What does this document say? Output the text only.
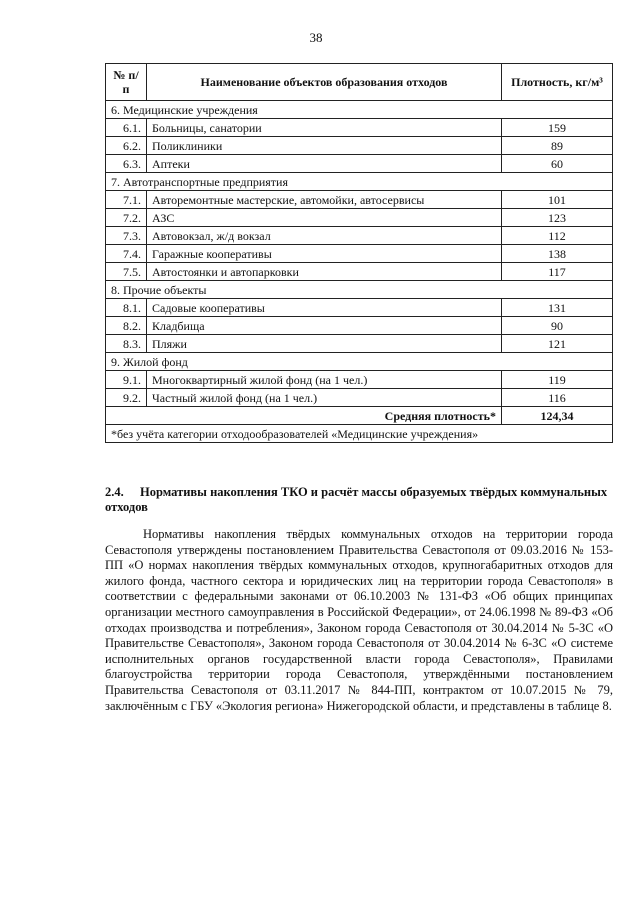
38
№ п/п	Наименование объектов образования отходов	Плотность, кг/м³
6. Медицинские учреждения		
6.1.	Больницы, санатории	159
6.2.	Поликлиники	89
6.3.	Аптеки	60
7. Автотранспортные предприятия		
7.1.	Авторемонтные мастерские, автомойки, автосервисы	101
7.2.	АЗС	123
7.3.	Автовокзал, ж/д вокзал	112
7.4.	Гаражные кооперативы	138
7.5.	Автостоянки и автопарковки	117
8. Прочие объекты		
8.1.	Садовые кооперативы	131
8.2.	Кладбища	90
8.3.	Пляжи	121
9. Жилой фонд		
9.1.	Многоквартирный жилой фонд (на 1 чел.)	119
9.2.	Частный жилой фонд (на 1 чел.)	116
Средняя плотность*		124,34
*без учёта категории отходообразователей «Медицинские учреждения»		
2.4. Нормативы накопления ТКО и расчёт массы образуемых твёрдых коммунальных отходов
Нормативы накопления твёрдых коммунальных отходов на территории города Севастополя утверждены постановлением Правительства Севастополя от 09.03.2016 № 153-ПП «О нормах накопления твёрдых коммунальных отходов, крупногабаритных отходов для жилого фонда, частного сектора и юридических лиц на территории города Севастополя» в соответствии с федеральными законами от 06.10.2003 № 131-ФЗ «Об общих принципах организации местного самоуправления в Российской Федерации», от 24.06.1998 № 89-ФЗ «Об отходах производства и потребления», Законом города Севастополя от 30.04.2014 № 5-ЗС «О Правительстве Севастополя», Законом города Севастополя от 30.04.2014 № 6-ЗС «О системе исполнительных органов государственной власти города Севастополя», Правилами благоустройства территории города Севастополя, утверждёнными постановлением Правительства Севастополя от 03.11.2017 № 844-ПП, контрактом от 10.07.2015 № 79, заключённым с ГБУ «Экология региона» Нижегородской области, и представлены в таблице 8.
